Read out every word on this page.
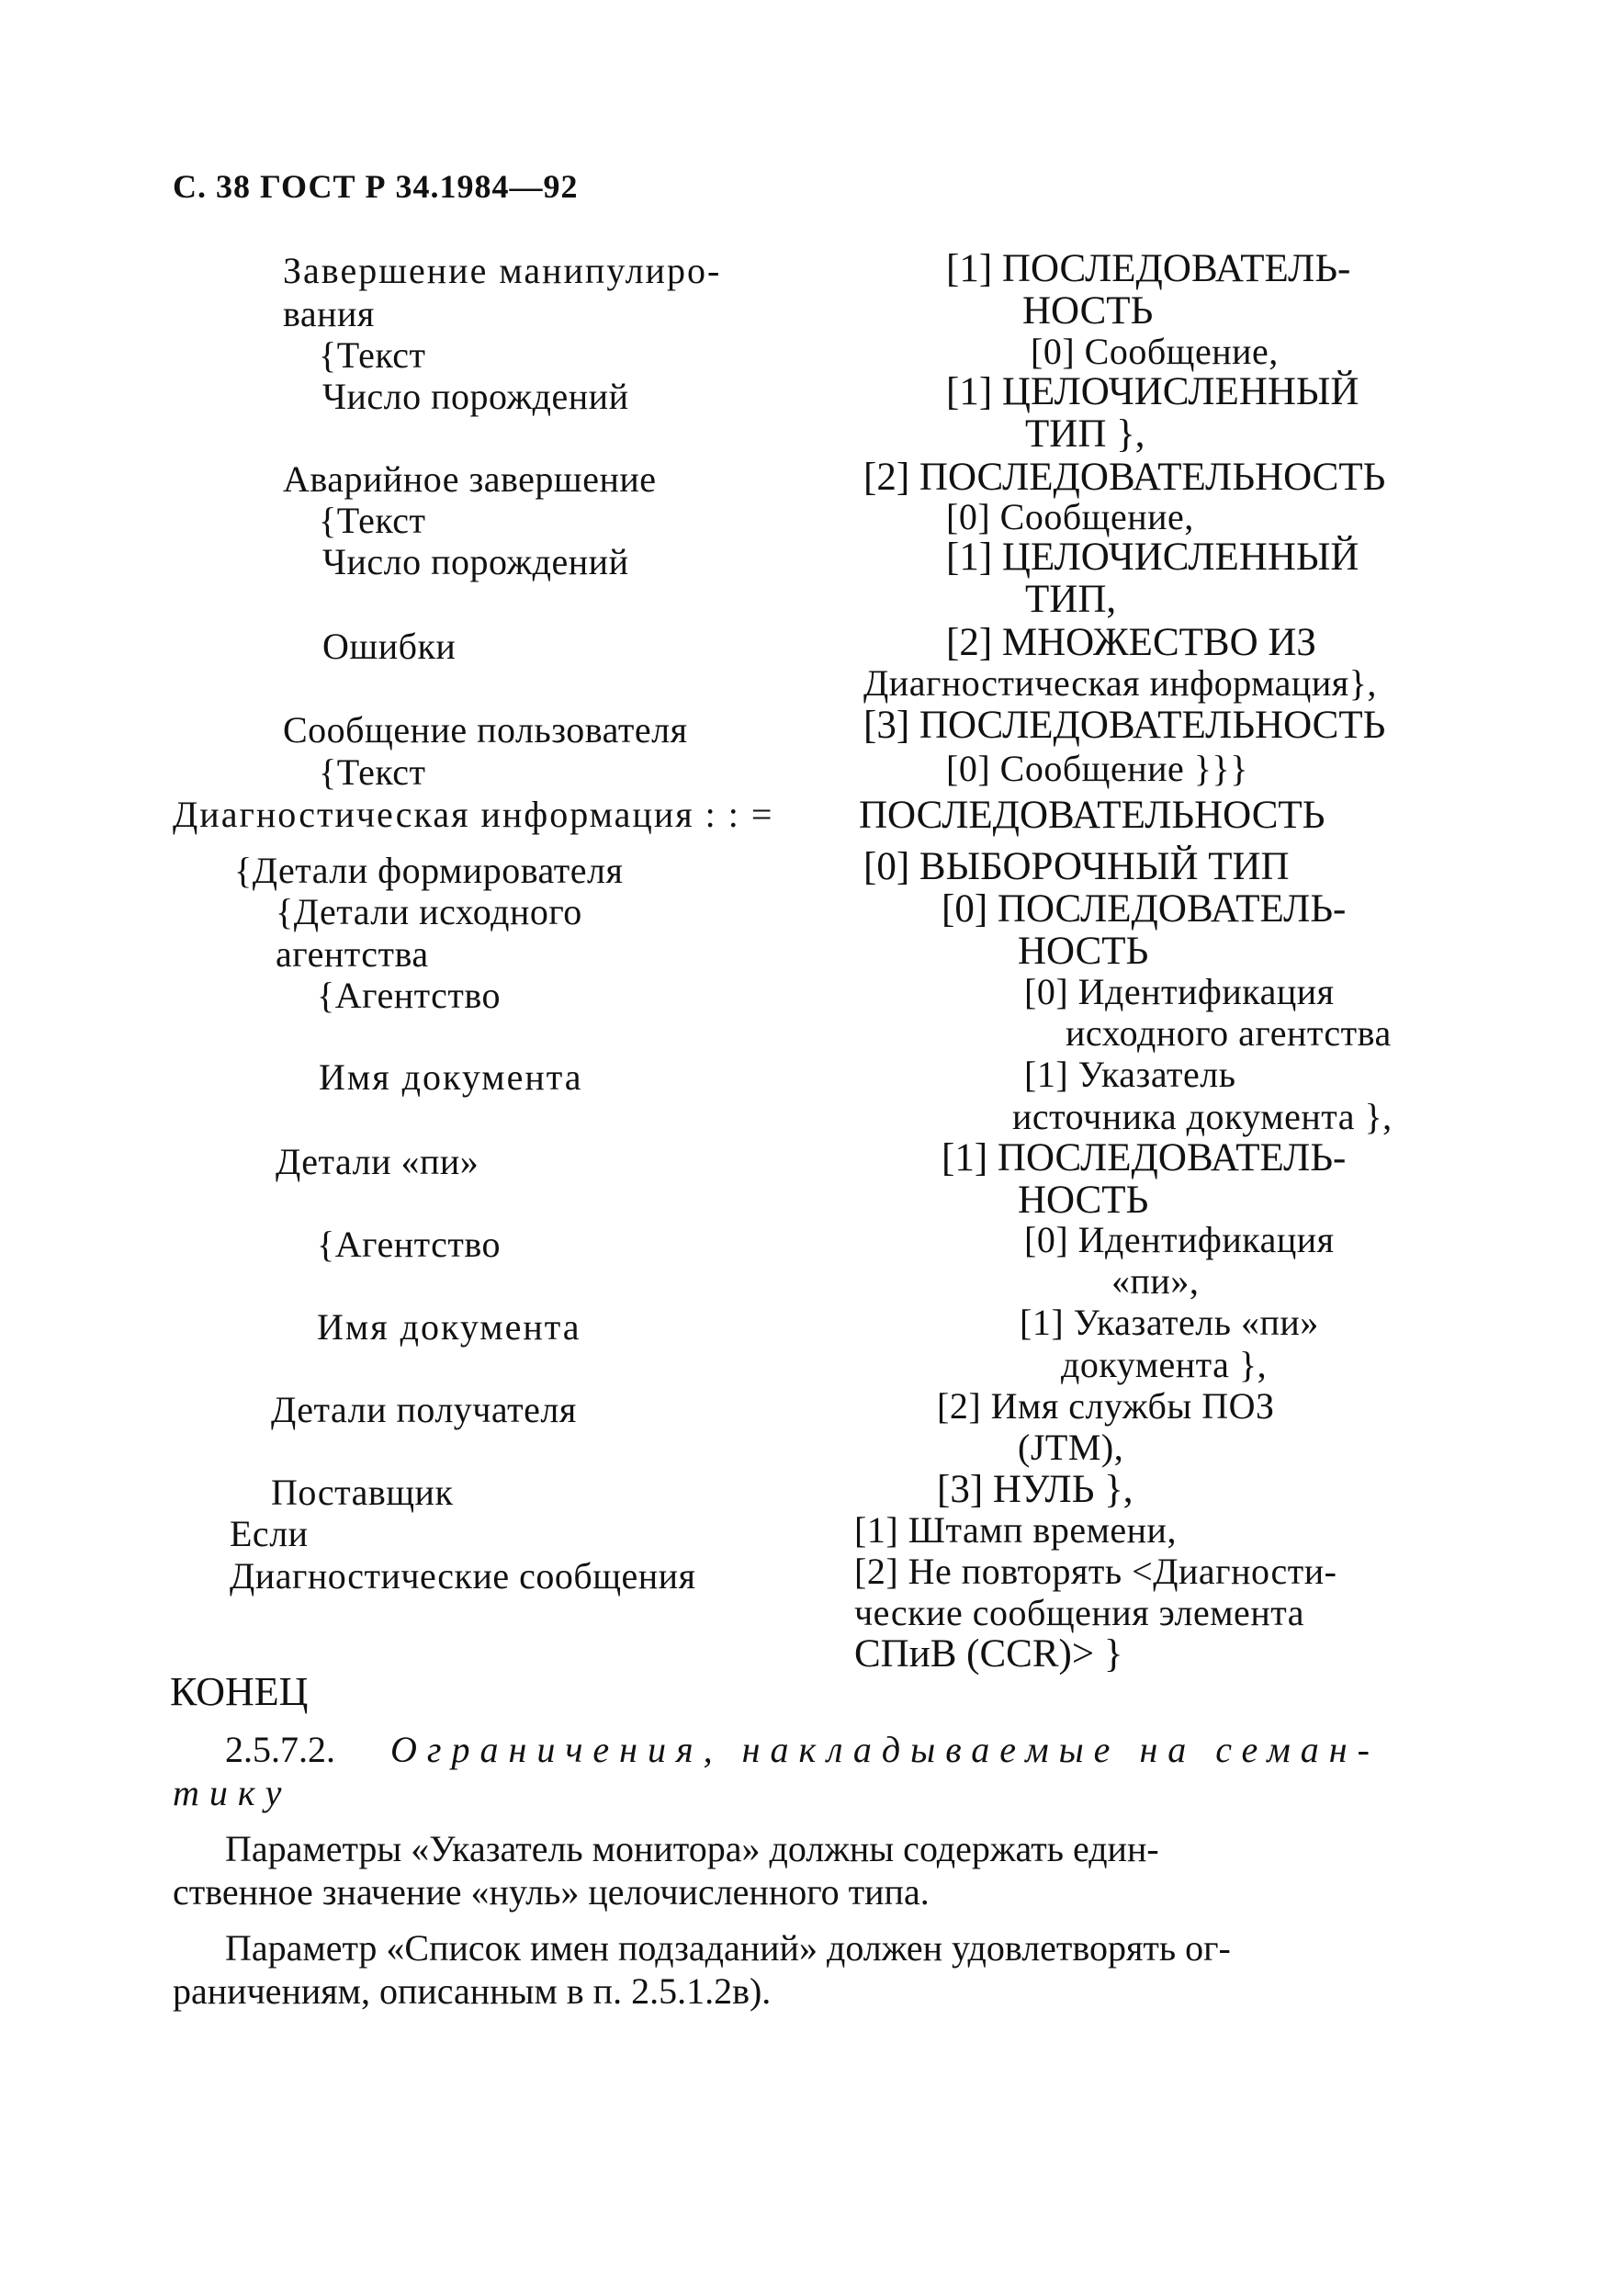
С. 38 ГОСТ Р 34.1984—92
Завершение манипулиро-
вания
{Текст
Число порождений
Аварийное завершение
{Текст
Число порождений
Ошибки
Сообщение пользователя
{Текст
Диагностическая информация : : =
{Детали формирователя
{Детали исходного
агентства
{Агентство
Имя документа
Детали «пи»
{Агентство
Имя документа
Детали получателя
Поставщик
Если
Диагностические сообщения
[1] ПОСЛЕДОВАТЕЛЬ-
НОСТЬ
[0] Сообщение,
[1] ЦЕЛОЧИСЛЕННЫЙ
ТИП },
[2] ПОСЛЕДОВАТЕЛЬНОСТЬ
[0] Сообщение,
[1] ЦЕЛОЧИСЛЕННЫЙ
ТИП,
[2] МНОЖЕСТВО ИЗ
Диагностическая информация},
[3] ПОСЛЕДОВАТЕЛЬНОСТЬ
[0] Сообщение }}}
ПОСЛЕДОВАТЕЛЬНОСТЬ
[0] ВЫБОРОЧНЫЙ ТИП
[0] ПОСЛЕДОВАТЕЛЬ-
НОСТЬ
[0] Идентификация
исходного агентства
[1] Указатель
источника документа },
[1] ПОСЛЕДОВАТЕЛЬ-
НОСТЬ
[0] Идентификация
«пи»,
[1] Указатель «пи»
документа },
[2] Имя службы ПОЗ
(JTM),
[3] НУЛЬ },
[1] Штамп времени,
[2] Не повторять <Диагности-
ческие сообщения элемента
СПиВ (CCR)> }
КОНЕЦ
2.5.7.2. Ограничения, накладываемые на семан-
тику
Параметры «Указатель монитора» должны содержать един-
ственное значение «нуль» целочисленного типа.
Параметр «Список имен подзаданий» должен удовлетворять ог-
раничениям, описанным в п. 2.5.1.2в).
